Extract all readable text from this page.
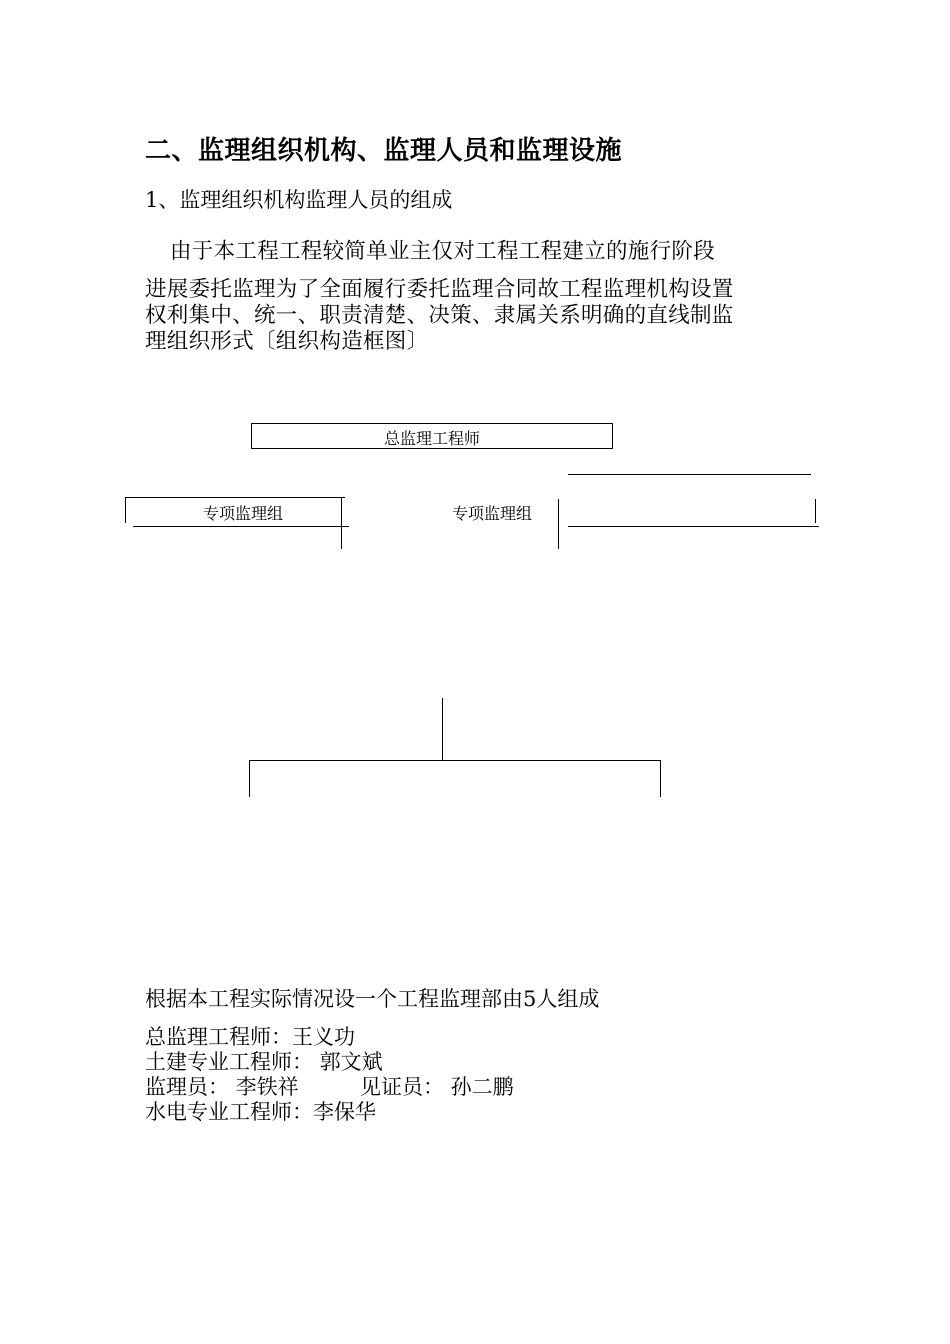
二、监理组织机构、监理人员和监理设施
1、监理组织机构监理人员的组成
由于本工程工程较简单业主仅对工程工程建立的施行阶段
进展委托监理为了全面履行委托监理合同故工程监理机构设置
权利集中、统一、职责清楚、决策、隶属关系明确的直线制监
理组织形式〔组织构造框图〕
总监理工程师
专项监理组	专项监理组
根据本工程实际情况设一个工程监理部由5人组成
总监理工程师：王义功
土建专业工程师： 郭文斌
监理员： 李铁祥	见证员： 孙二鹏
水电专业工程师：李保华
